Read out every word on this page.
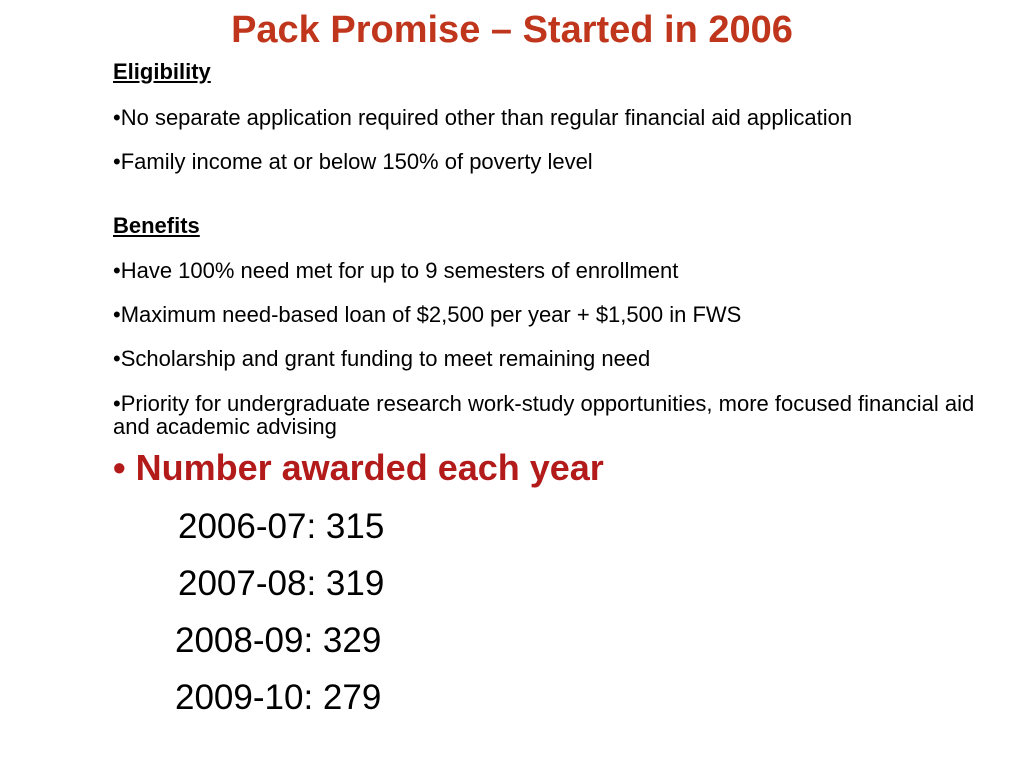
Pack Promise – Started in 2006
Eligibility
•No separate application required other than regular financial aid application
•Family income at or below 150% of poverty level
Benefits
•Have 100% need met for up to 9 semesters of enrollment
•Maximum need-based loan of $2,500 per year + $1,500 in FWS
•Scholarship and grant funding to meet remaining need
•Priority for undergraduate research work-study opportunities, more focused financial aid and academic advising
• Number awarded each year
2006-07: 315
2007-08: 319
2008-09: 329
2009-10: 279
